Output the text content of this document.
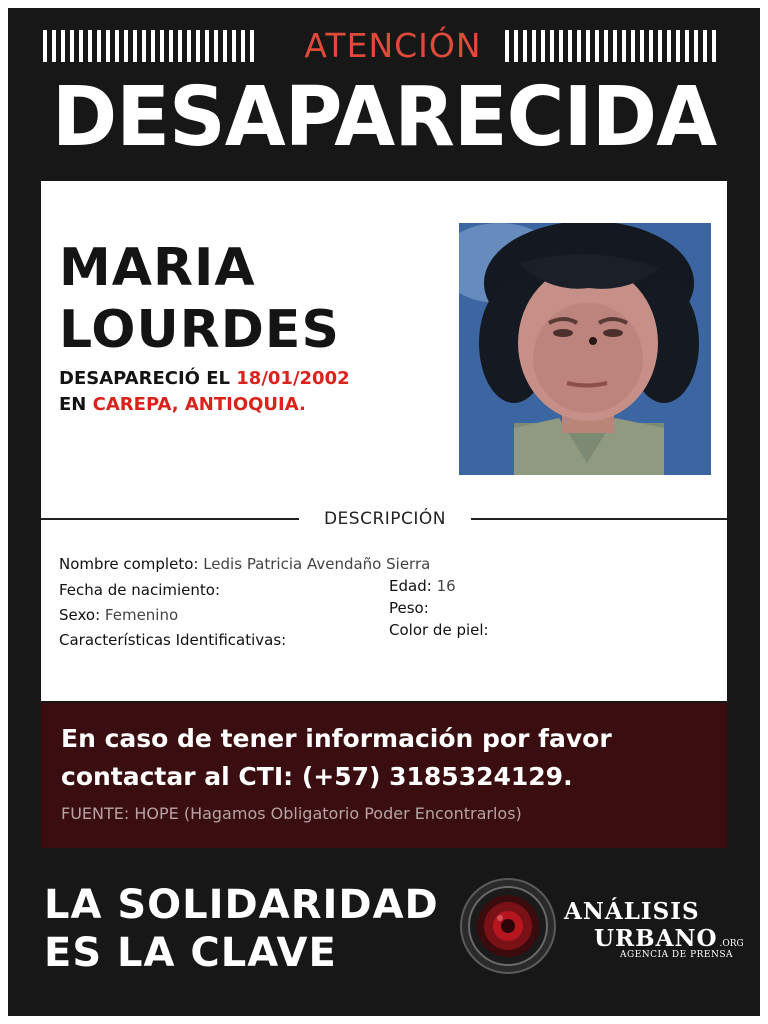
ATENCIÓN
DESAPARECIDA
MARIA
LOURDES
DESAPARECIÓ EL 18/01/2002
EN CAREPA, ANTIOQUIA.
DESCRIPCIÓN
Nombre completo: Ledis Patricia Avendaño Sierra
Fecha de nacimiento:
Sexo: Femenino
Características Identificativas:
Edad: 16
Peso:
Color de piel:
En caso de tener información por favor
contactar al CTI: (+57) 3185324129.
FUENTE: HOPE (Hagamos Obligatorio Poder Encontrarlos)
LA SOLIDARIDAD
ES LA CLAVE
ANÁLISIS
URBANO .ORG
AGENCIA DE PRENSA
